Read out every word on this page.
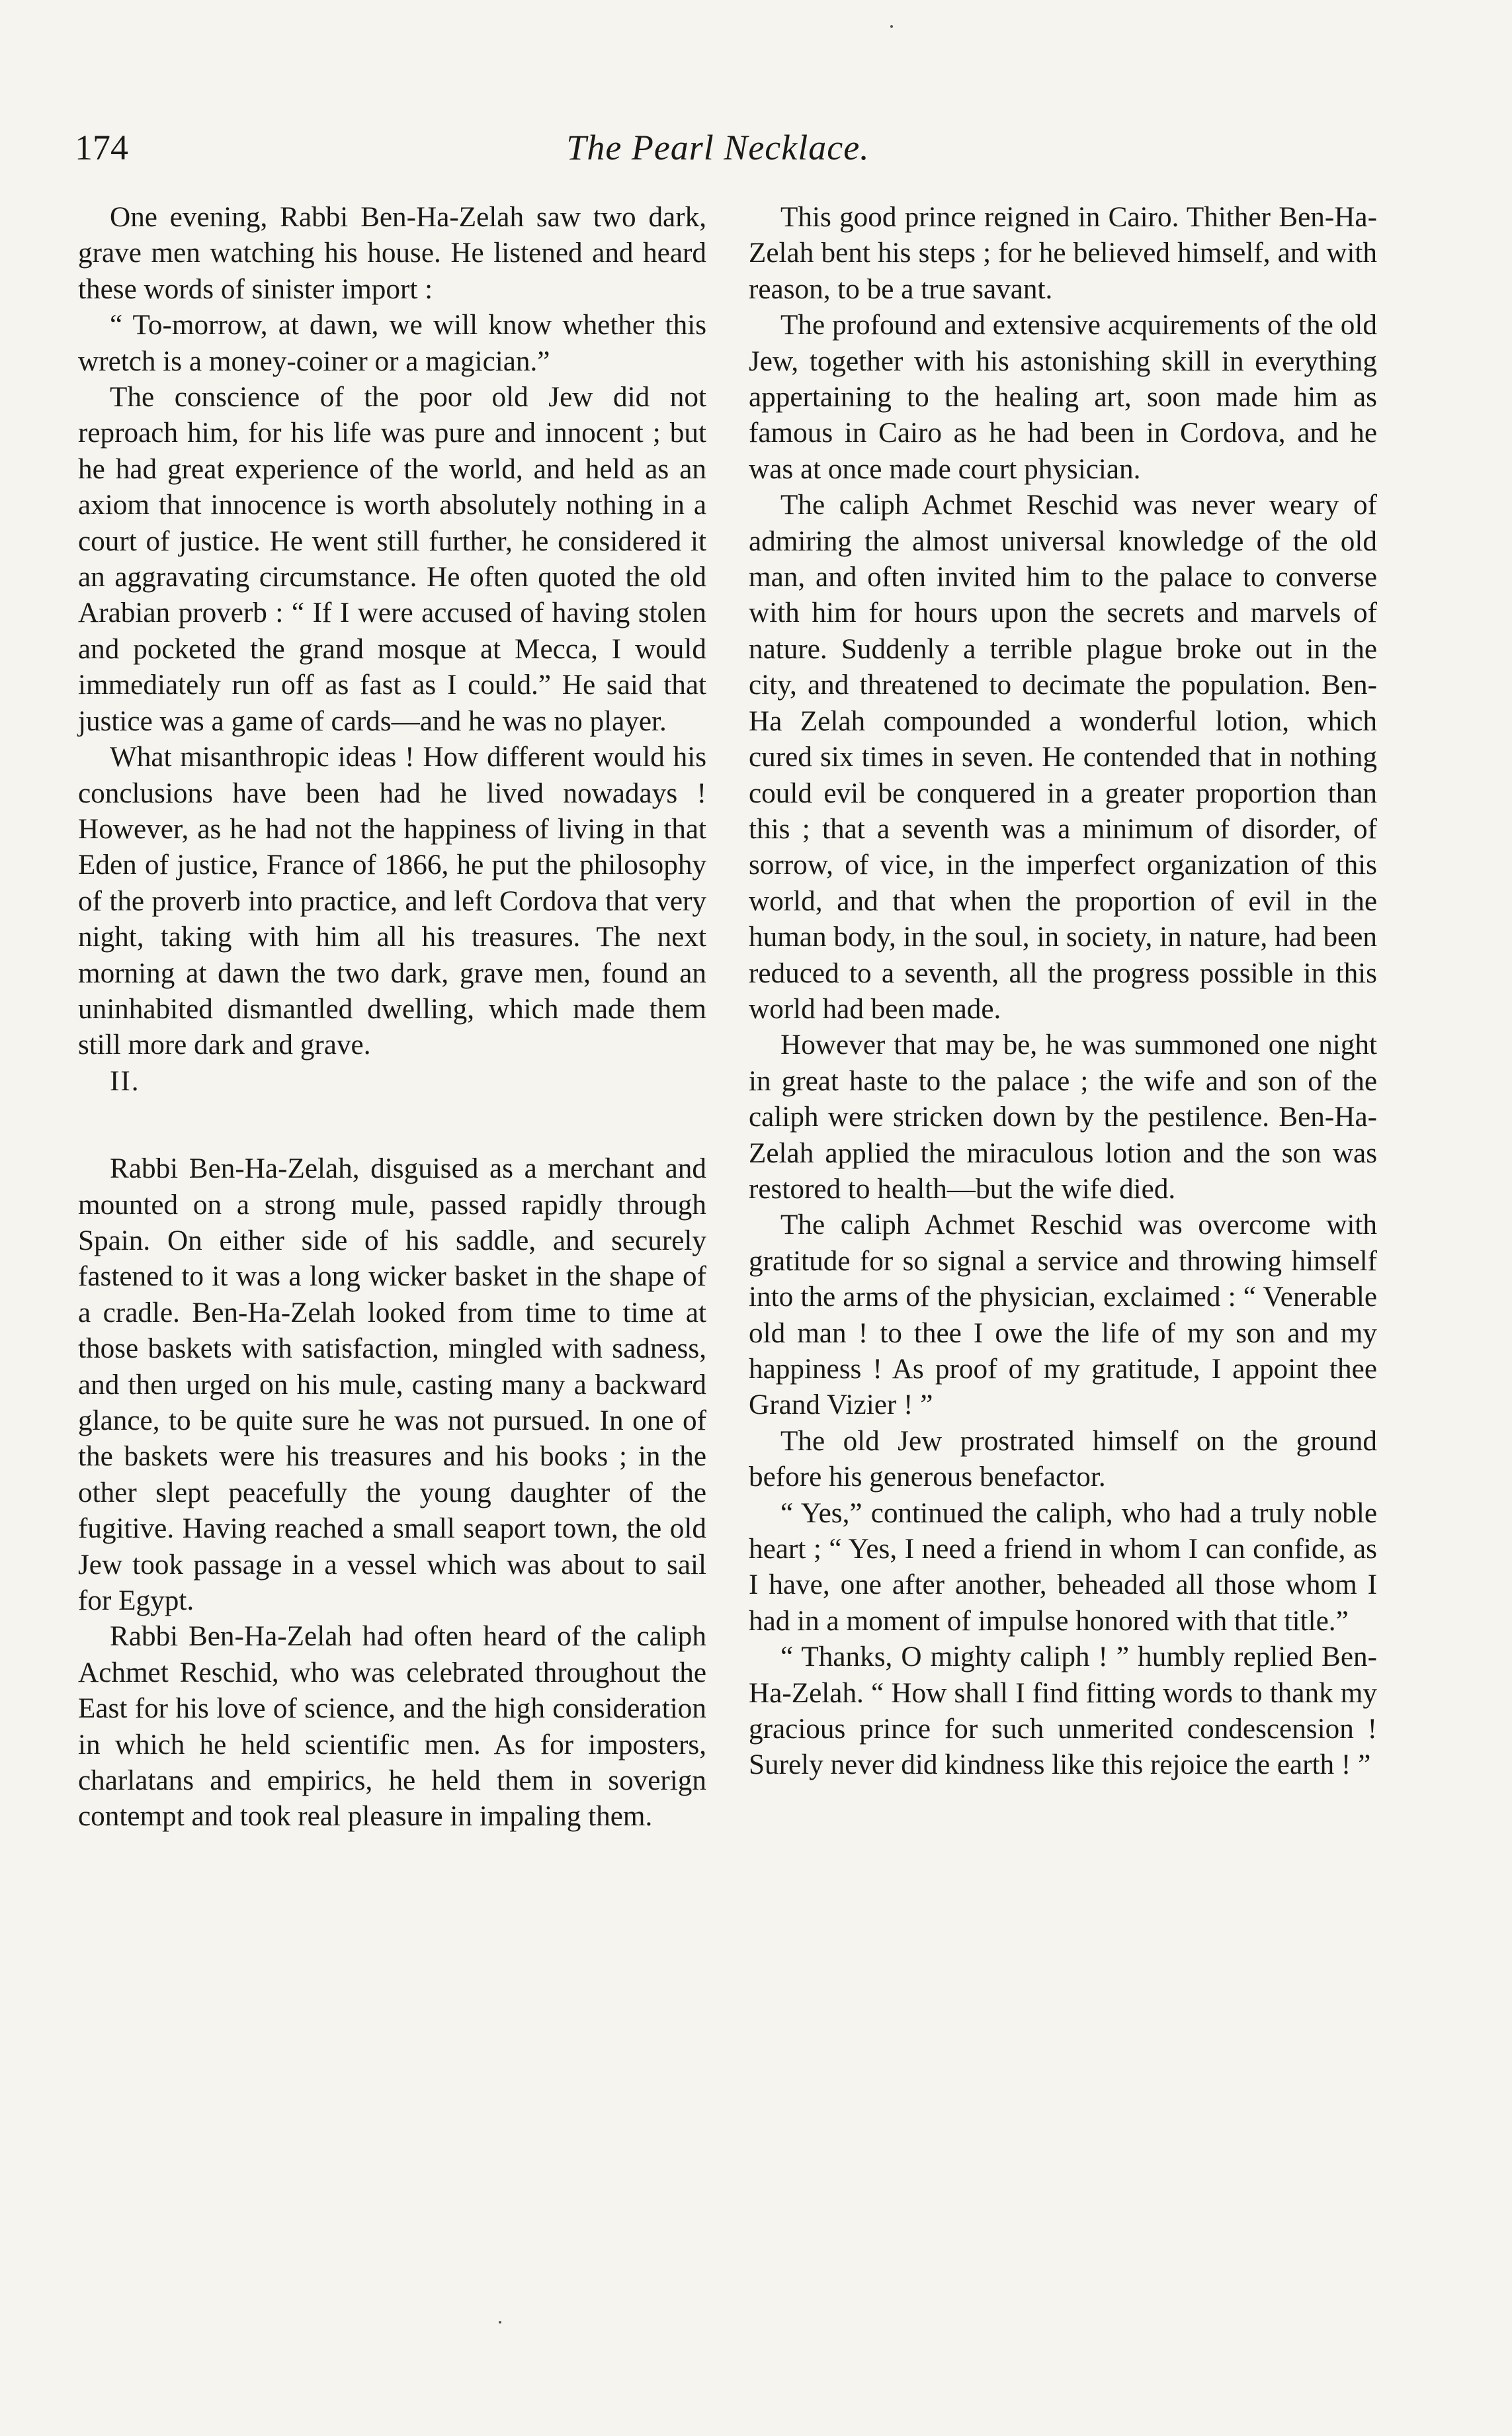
174	The Pearl Necklace.

One evening, Rabbi Ben-Ha-Zelah saw two dark, grave men watching his house. He listened and heard these words of sinister import :

“ To-morrow, at dawn, we will know whether this wretch is a money-coiner or a magician.”

The conscience of the poor old Jew did not reproach him, for his life was pure and innocent ; but he had great experience of the world, and held as an axiom that innocence is worth absolutely nothing in a court of justice. He went still further, he considered it an aggravating circumstance. He often quoted the old Arabian proverb : “ If I were accused of having stolen and pocketed the grand mosque at Mecca, I would immediately run off as fast as I could.” He said that justice was a game of cards—and he was no player.

What misanthropic ideas ! How different would his conclusions have been had he lived nowadays ! However, as he had not the happiness of living in that Eden of justice, France of 1866, he put the philosophy of the proverb into practice, and left Cordova that very night, taking with him all his treasures. The next morning at dawn the two dark, grave men, found an uninhabited dismantled dwelling, which made them still more dark and grave.

II.

Rabbi Ben-Ha-Zelah, disguised as a merchant and mounted on a strong mule, passed rapidly through Spain. On either side of his saddle, and securely fastened to it was a long wicker basket in the shape of a cradle. Ben-Ha-Zelah looked from time to time at those baskets with satisfaction, mingled with sadness, and then urged on his mule, casting many a backward glance, to be quite sure he was not pursued. In one of the baskets were his treasures and his books ; in the other slept peacefully the young daughter of the fugitive. Having reached a small seaport town, the old Jew took passage in a vessel which was about to sail for Egypt.

Rabbi Ben-Ha-Zelah had often heard of the caliph Achmet Reschid, who was celebrated throughout the East for his love of science, and the high consideration in which he held scientific men. As for imposters, charlatans and empirics, he held them in soverign contempt and took real pleasure in impaling them.

This good prince reigned in Cairo. Thither Ben-Ha-Zelah bent his steps ; for he believed himself, and with reason, to be a true savant.

The profound and extensive acquirements of the old Jew, together with his astonishing skill in everything appertaining to the healing art, soon made him as famous in Cairo as he had been in Cordova, and he was at once made court physician.

The caliph Achmet Reschid was never weary of admiring the almost universal knowledge of the old man, and often invited him to the palace to converse with him for hours upon the secrets and marvels of nature. Suddenly a terrible plague broke out in the city, and threatened to decimate the population. Ben-Ha Zelah compounded a wonderful lotion, which cured six times in seven. He contended that in nothing could evil be conquered in a greater proportion than this ; that a seventh was a minimum of disorder, of sorrow, of vice, in the imperfect organization of this world, and that when the proportion of evil in the human body, in the soul, in society, in nature, had been reduced to a seventh, all the progress possible in this world had been made.

However that may be, he was summoned one night in great haste to the palace ; the wife and son of the caliph were stricken down by the pestilence. Ben-Ha-Zelah applied the miraculous lotion and the son was restored to health—but the wife died.

The caliph Achmet Reschid was overcome with gratitude for so signal a service and throwing himself into the arms of the physician, exclaimed : “ Venerable old man ! to thee I owe the life of my son and my happiness ! As proof of my gratitude, I appoint thee Grand Vizier ! ”

The old Jew prostrated himself on the ground before his generous benefactor.

“ Yes,” continued the caliph, who had a truly noble heart ; “ Yes, I need a friend in whom I can confide, as I have, one after another, beheaded all those whom I had in a moment of impulse honored with that title.”

“ Thanks, O mighty caliph ! ” humbly replied Ben-Ha-Zelah. “ How shall I find fitting words to thank my gracious prince for such unmerited condescension ! Surely never did kindness like this rejoice the earth ! ”
